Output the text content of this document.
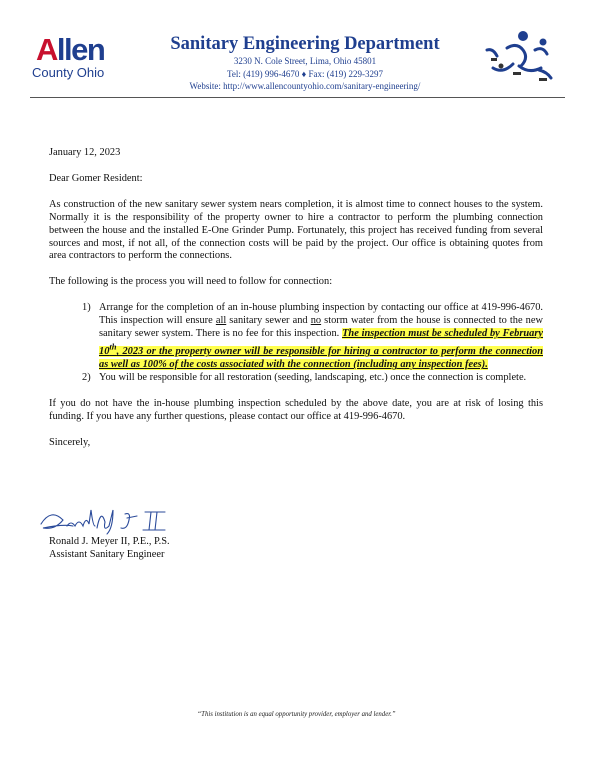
Allen
County Ohio
Sanitary Engineering Department
3230 N. Cole Street, Lima, Ohio 45801
Tel: (419) 996-4670 ♦ Fax: (419) 229-3297
Website: http://www.allencountyohio.com/sanitary-engineering/

January 12, 2023

Dear Gomer Resident:

As construction of the new sanitary sewer system nears completion, it is almost time to connect houses to the system. Normally it is the responsibility of the property owner to hire a contractor to perform the plumbing connection between the house and the installed E-One Grinder Pump. Fortunately, this project has received funding from several sources and most, if not all, of the connection costs will be paid by the project. Our office is obtaining quotes from area contractors to perform the connections.

The following is the process you will need to follow for connection:

1) Arrange for the completion of an in-house plumbing inspection by contacting our office at 419-996-4670. This inspection will ensure all sanitary sewer and no storm water from the house is connected to the new sanitary sewer system. There is no fee for this inspection. The inspection must be scheduled by February 10th, 2023 or the property owner will be responsible for hiring a contractor to perform the connection as well as 100% of the costs associated with the connection (including any inspection fees).
2) You will be responsible for all restoration (seeding, landscaping, etc.) once the connection is complete.

If you do not have the in-house plumbing inspection scheduled by the above date, you are at risk of losing this funding. If you have any further questions, please contact our office at 419-996-4670.

Sincerely,

Ronald J. Meyer II, P.E., P.S.
Assistant Sanitary Engineer
“This institution is an equal opportunity provider, employer and lender.”
